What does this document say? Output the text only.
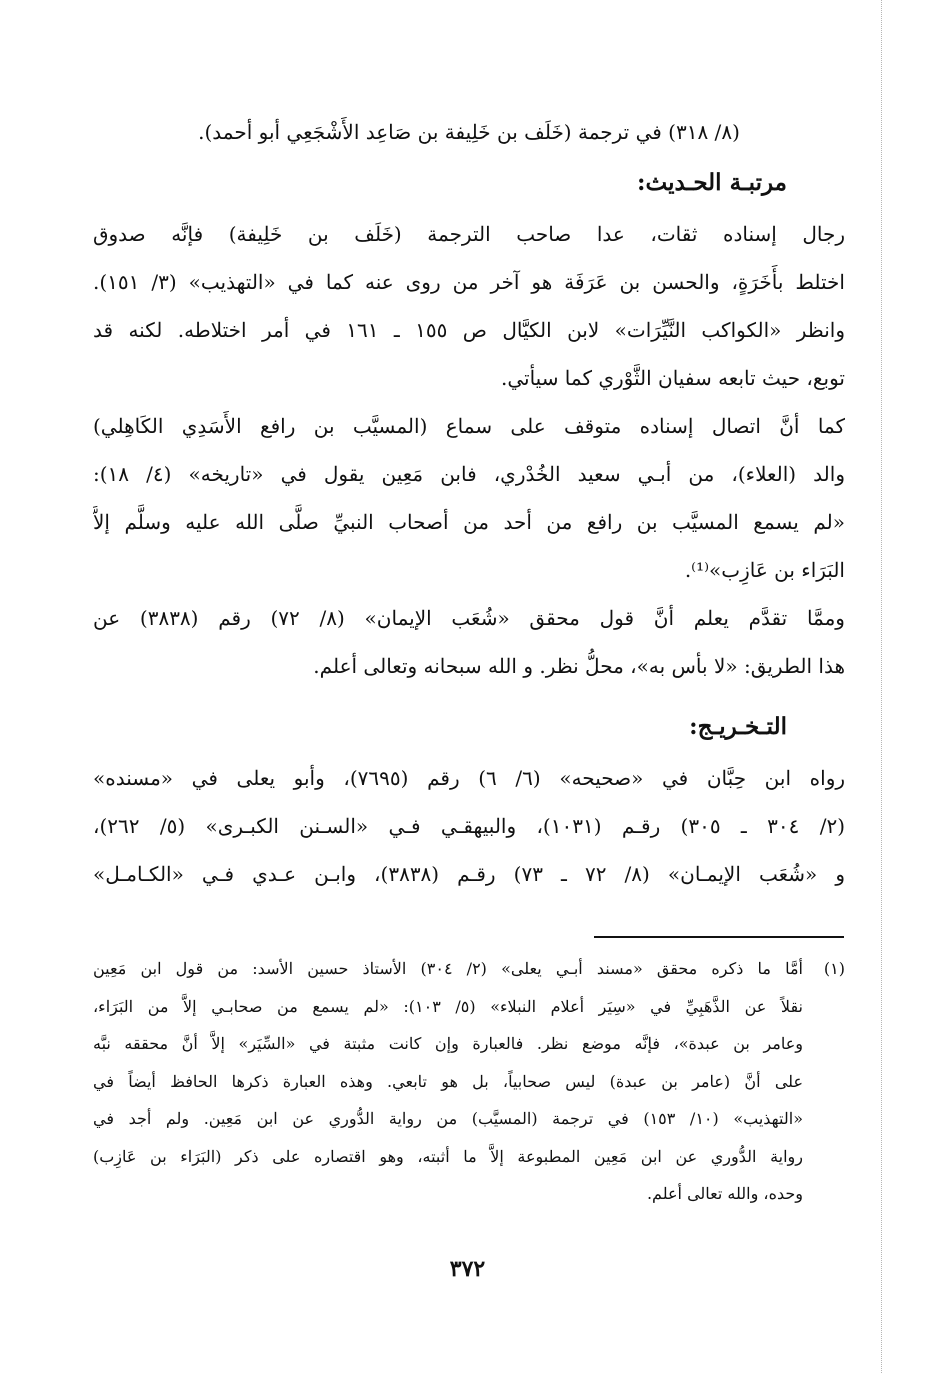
(٨/ ٣١٨) في ترجمة (خَلَف بن خَلِيفة بن صَاعِد الأَشْجَعِي أبو أحمد).
مرتبـة الحـديث:
رجال إسناده ثقات، عدا صاحب الترجمة (خَلَف بن خَلِيفة) فإنَّه صدوق
اختلط بأَخَرَةٍ، والحسن بن عَرَفَة هو آخر من روى عنه كما في «التهذيب» (٣/ ١٥١).
وانظر «الكواكب النَّيِّرَات» لابن الكيَّال ص ١٥٥ ـ ١٦١ في أمر اختلاطه. لكنه قد
توبع، حيث تابعه سفيان الثَّوْري كما سيأتي.
كما أنَّ اتصال إسناده متوقف على سماع (المسيَّب بن رافع الأَسَدِي الكَاهِلي)
والد (العلاء)، من أبـي سعيد الخُدْري، فابن مَعِين يقول في «تاريخه» (٤/ ١٨):
«لم يسمع المسيَّب بن رافع من أحد من أصحاب النبيِّ صلَّى الله عليه وسلَّم إلاَّ
البَرَاء بن عَازِب»⁽¹⁾.
وممَّا تقدَّم يعلم أنَّ قول محقق «شُعَب الإيمان» (٨/ ٧٢) رقم (٣٨٣٨) عن
هذا الطريق: «لا بأس به»، محلُّ نظر. و الله سبحانه وتعالى أعلم.
التـخـريـج:
رواه ابن حِبَّان في «صحيحه» (٦/ ٦) رقم (٧٦٩٥)، وأبو يعلى في «مسنده»
(٢/ ٣٠٤ ـ ٣٠٥) رقـم (١٠٣١)، والبيهقـي فـي «السـنن الكبـرى» (٥/ ٢٦٢)،
و «شُعَب الإيمـان» (٨/ ٧٢ ـ ٧٣) رقـم (٣٨٣٨)، وابـن عـدي فـي «الكـامـل»
(١)أمَّا ما ذكره محقق «مسند أبـي يعلى» (٢/ ٣٠٤) الأستاذ حسين الأسد: من قول ابن مَعِين
نقلاً عن الذَّهَبِيِّ في «سِيَر أعلام النبلاء» (٥/ ١٠٣): «لم يسمع من صحابـي إلاَّ من البَرَاء،
وعامر بن عبدة»، فإنَّه موضع نظر. فالعبارة وإن كانت مثبتة في «السِّيَر» إلاَّ أنَّ محققه نبَّه
على أنَّ (عامر بن عبدة) ليس صحابياً، بل هو تابعي. وهذه العبارة ذكرها الحافظ أيضاً في
«التهذيب» (١٠/ ١٥٣) في ترجمة (المسيَّب) من رواية الدُّوري عن ابن مَعِين. ولم أجد في
رواية الدُّوري عن ابن مَعِين المطبوعة إلاَّ ما أثبته، وهو اقتصاره على ذكر (البَرَاء بن عَازِب)
وحده، والله تعالى أعلم.
٣٧٢
